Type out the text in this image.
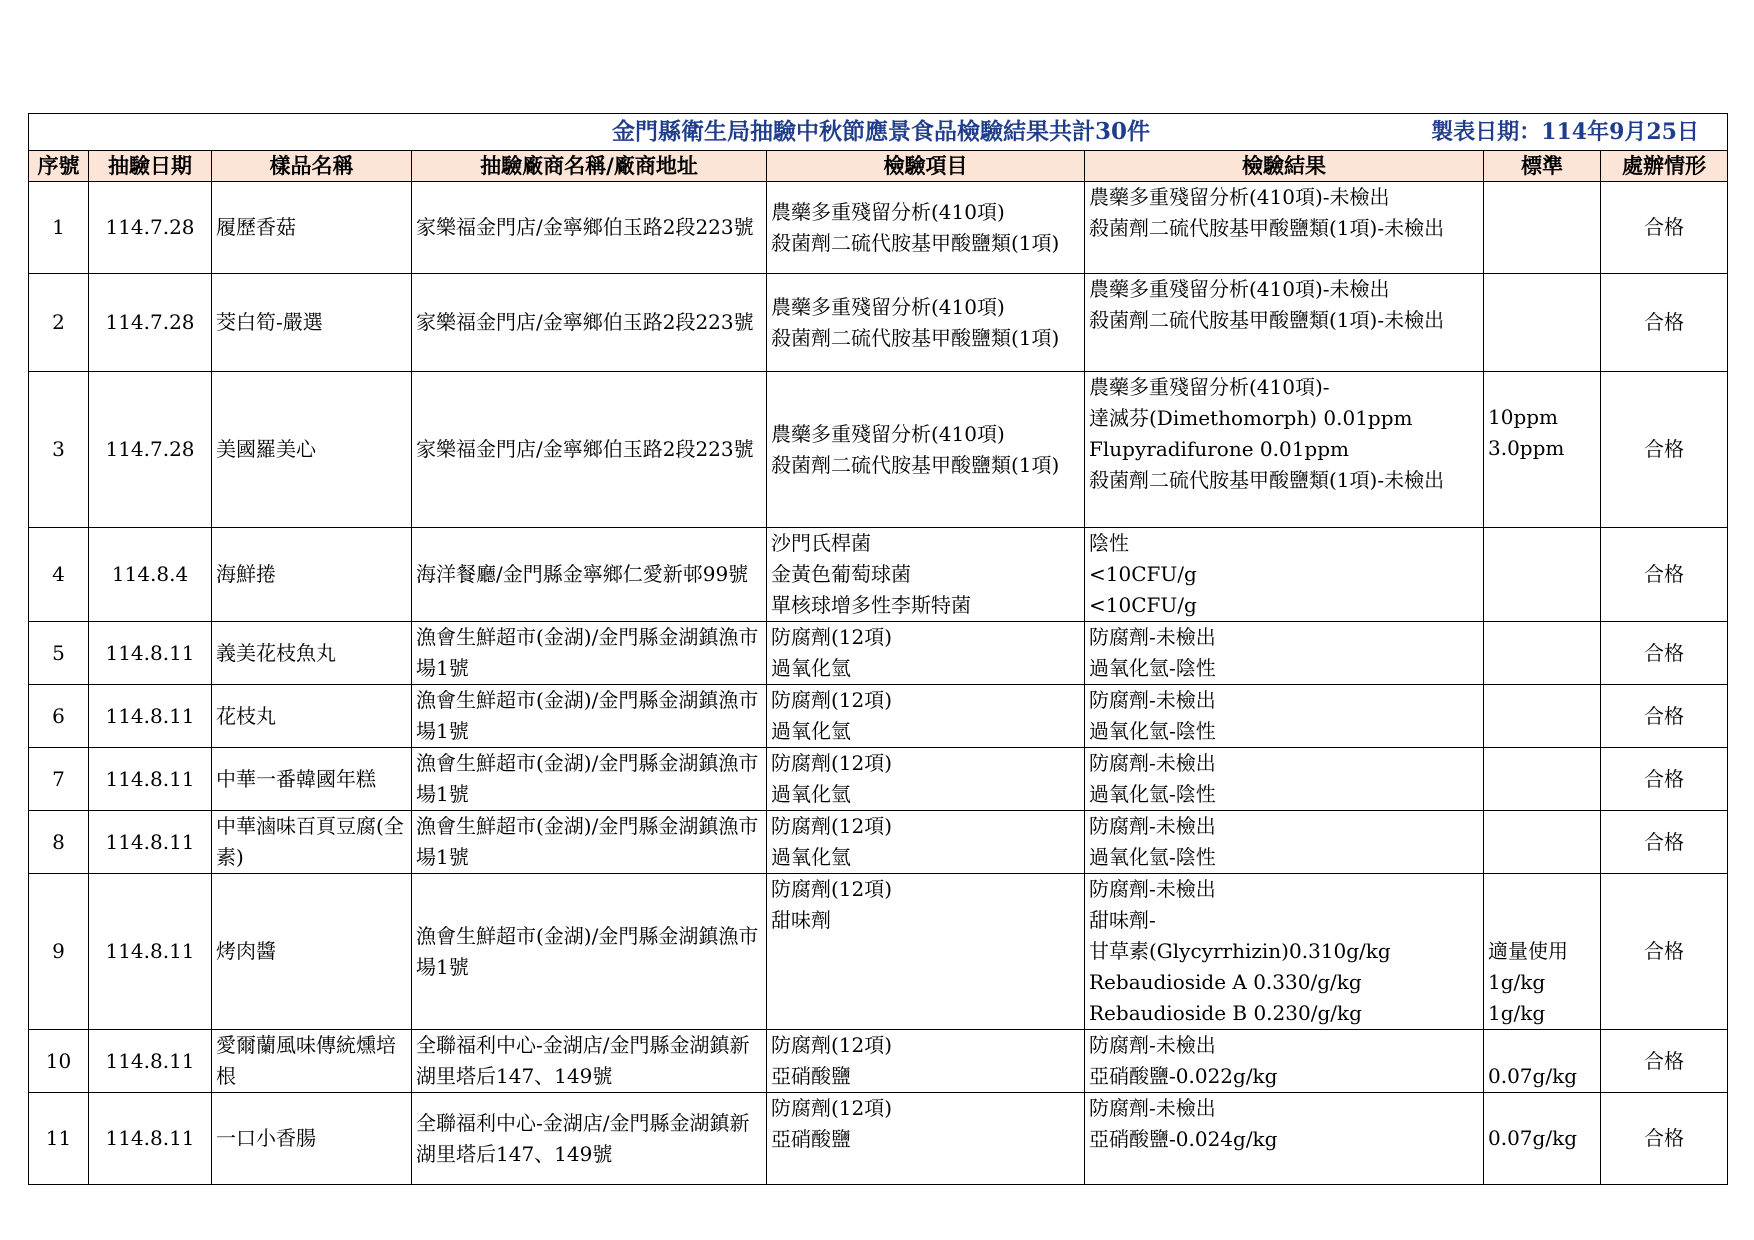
金門縣衛生局抽驗中秋節應景食品檢驗結果共計30件 製表日期：114年9月25日							

序號	抽驗日期	樣品名稱	抽驗廠商名稱/廠商地址	檢驗項目	檢驗結果	標準	處辦情形
1	114.7.28	履歷香菇	家樂福金門店/金寧鄉伯玉路2段223號	農藥多重殘留分析(410項)
殺菌劑二硫代胺基甲酸鹽類(1項)	農藥多重殘留分析(410項)-未檢出
殺菌劑二硫代胺基甲酸鹽類(1項)-未檢出		合格
2	114.7.28	茭白筍-嚴選	家樂福金門店/金寧鄉伯玉路2段223號	農藥多重殘留分析(410項)
殺菌劑二硫代胺基甲酸鹽類(1項)	農藥多重殘留分析(410項)-未檢出
殺菌劑二硫代胺基甲酸鹽類(1項)-未檢出		合格
3	114.7.28	美國羅美心	家樂福金門店/金寧鄉伯玉路2段223號	農藥多重殘留分析(410項)
殺菌劑二硫代胺基甲酸鹽類(1項)	農藥多重殘留分析(410項)-
達滅芬(Dimethomorph) 0.01ppm
Flupyradifurone 0.01ppm
殺菌劑二硫代胺基甲酸鹽類(1項)-未檢出	10ppm
3.0ppm	合格
4	114.8.4	海鮮捲	海洋餐廳/金門縣金寧鄉仁愛新邨99號	沙門氏桿菌
金黃色葡萄球菌
單核球增多性李斯特菌	陰性
<10CFU/g
<10CFU/g		合格
5	114.8.11	義美花枝魚丸	漁會生鮮超市(金湖)/金門縣金湖鎮漁市場1號	防腐劑(12項)
過氧化氫	防腐劑-未檢出
過氧化氫-陰性		合格
6	114.8.11	花枝丸	漁會生鮮超市(金湖)/金門縣金湖鎮漁市場1號	防腐劑(12項)
過氧化氫	防腐劑-未檢出
過氧化氫-陰性		合格
7	114.8.11	中華一番韓國年糕	漁會生鮮超市(金湖)/金門縣金湖鎮漁市場1號	防腐劑(12項)
過氧化氫	防腐劑-未檢出
過氧化氫-陰性		合格
8	114.8.11	中華滷味百頁豆腐(全素)	漁會生鮮超市(金湖)/金門縣金湖鎮漁市場1號	防腐劑(12項)
過氧化氫	防腐劑-未檢出
過氧化氫-陰性		合格
9	114.8.11	烤肉醬	漁會生鮮超市(金湖)/金門縣金湖鎮漁市場1號	防腐劑(12項)
甜味劑	防腐劑-未檢出
甜味劑-
甘草素(Glycyrrhizin)0.310g/kg
Rebaudioside A 0.330/g/kg
Rebaudioside B 0.230/g/kg	適量使用
1g/kg
1g/kg	合格
10	114.8.11	愛爾蘭風味傳統燻培根	全聯福利中心-金湖店/金門縣金湖鎮新湖里塔后147、149號	防腐劑(12項)
亞硝酸鹽	防腐劑-未檢出
亞硝酸鹽-0.022g/kg	0.07g/kg	合格
11	114.8.11	一口小香腸	全聯福利中心-金湖店/金門縣金湖鎮新湖里塔后147、149號	防腐劑(12項)
亞硝酸鹽	防腐劑-未檢出
亞硝酸鹽-0.024g/kg	0.07g/kg	合格
